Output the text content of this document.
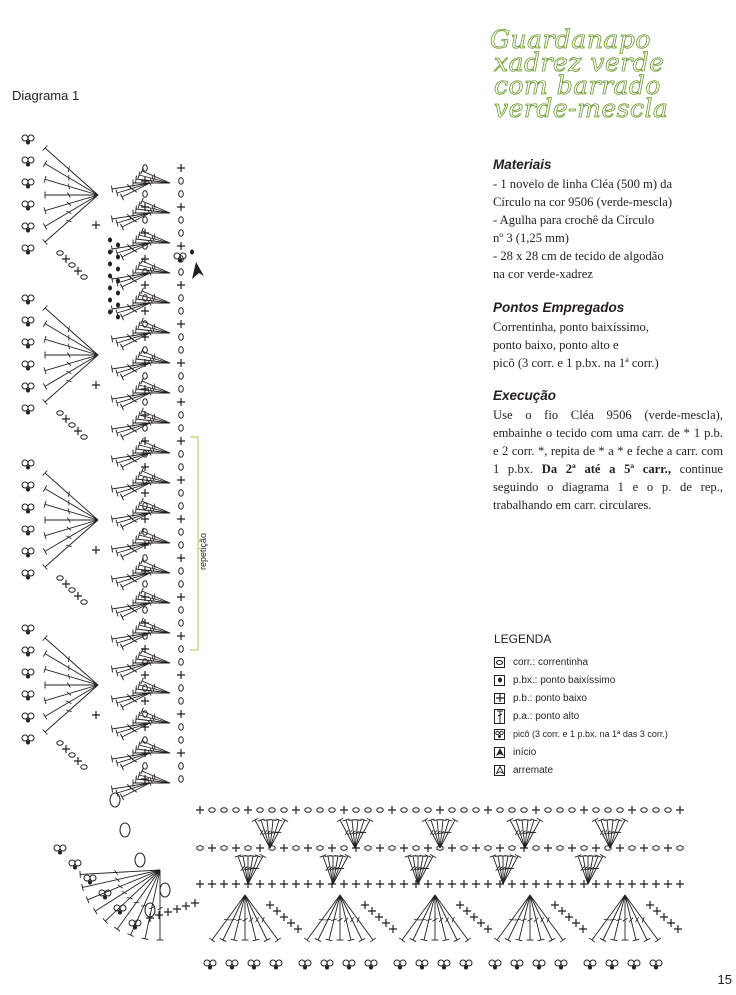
repetição
Diagrama 1
Guardanapo
xadrez verde
com barrado
verde-mescla
Materiais
- 1 novelo de linha Cléa (500 m) da
Círculo na cor 9506 (verde-mescla)
- Agulha para crochê da Círculo
nº 3 (1,25 mm)
- 28 x 28 cm de tecido de algodão
na cor verde-xadrez
Pontos Empregados
Correntinha, ponto baixíssimo,
ponto baixo, ponto alto e
picô (3 corr. e 1 p.bx. na 1ª corr.)
Execução

Use o fio Cléa 9506 (verde-mescla), embainhe o tecido com uma carr. de * 1 p.b. e 2 corr. *, repita de * a * e feche a carr. com 1 p.bx. Da 2ª até a 5ª carr., continue seguindo o diagrama 1 e o p. de rep., trabalhando em carr. circulares.

LEGENDA
corr.: correntinha
p.bx.: ponto baixíssimo
p.b.: ponto baixo
p.a.: ponto alto
picô (3 corr. e 1 p.bx. na 1ª das 3 corr.)
início
arremate
15
